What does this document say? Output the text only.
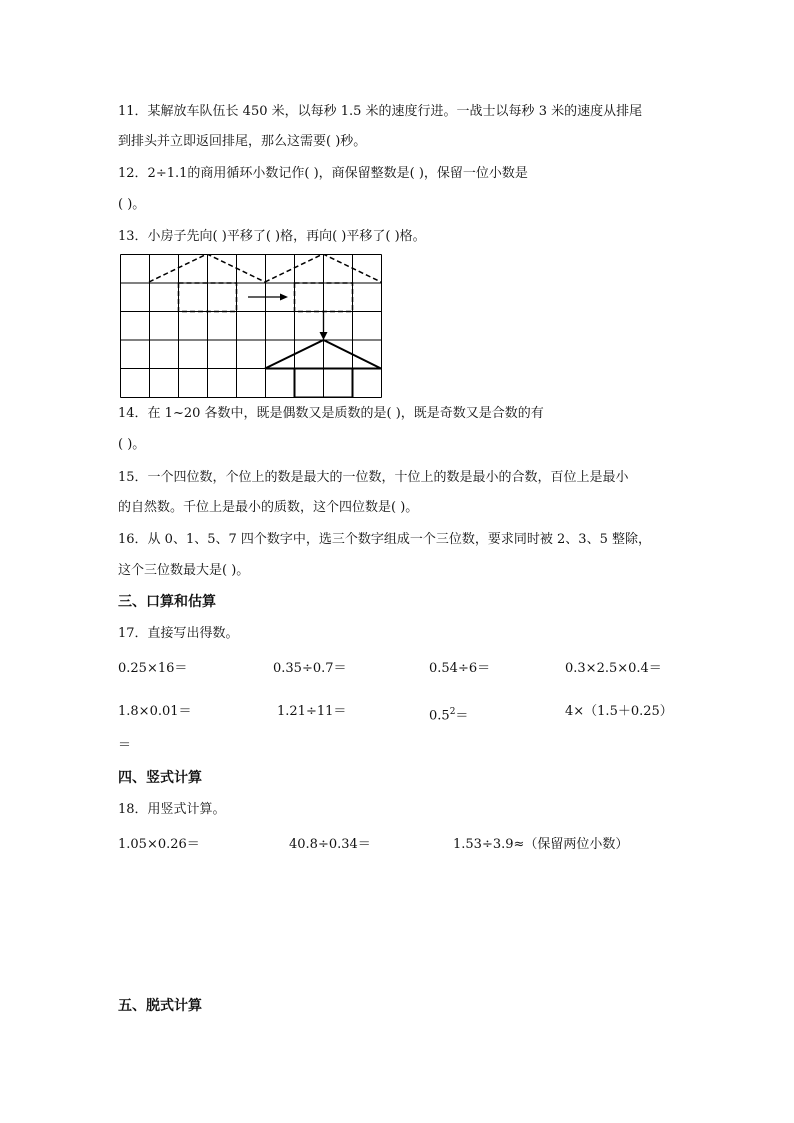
11．某解放车队伍长 450 米，以每秒 1.5 米的速度行进。一战士以每秒 3 米的速度从排尾
到排头并立即返回排尾，那么这需要( )秒。
12．2÷1.1的商用循环小数记作( )，商保留整数是( )，保留一位小数是
( )。
13．小房子先向( )平移了( )格，再向( )平移了( )格。
14．在 1~20 各数中，既是偶数又是质数的是( )，既是奇数又是合数的有
( )。
15．一个四位数，个位上的数是最大的一位数，十位上的数是最小的合数，百位上是最小
的自然数。千位上是最小的质数，这个四位数是( )。
16．从 0、1、5、7 四个数字中，选三个数字组成一个三位数，要求同时被 2、3、5 整除，
这个三位数最大是( )。
三、口算和估算
17．直接写出得数。
0.25×16＝	0.35÷0.7＝	0.54÷6＝	0.3×2.5×0.4＝
1.8×0.01＝	1.21÷11＝	$0.5^2=$	4×（1.5＋0.25）
＝
四、竖式计算
18．用竖式计算。
1.05×0.26＝	40.8÷0.34＝	1.53÷3.9≈（保留两位小数）
五、脱式计算
